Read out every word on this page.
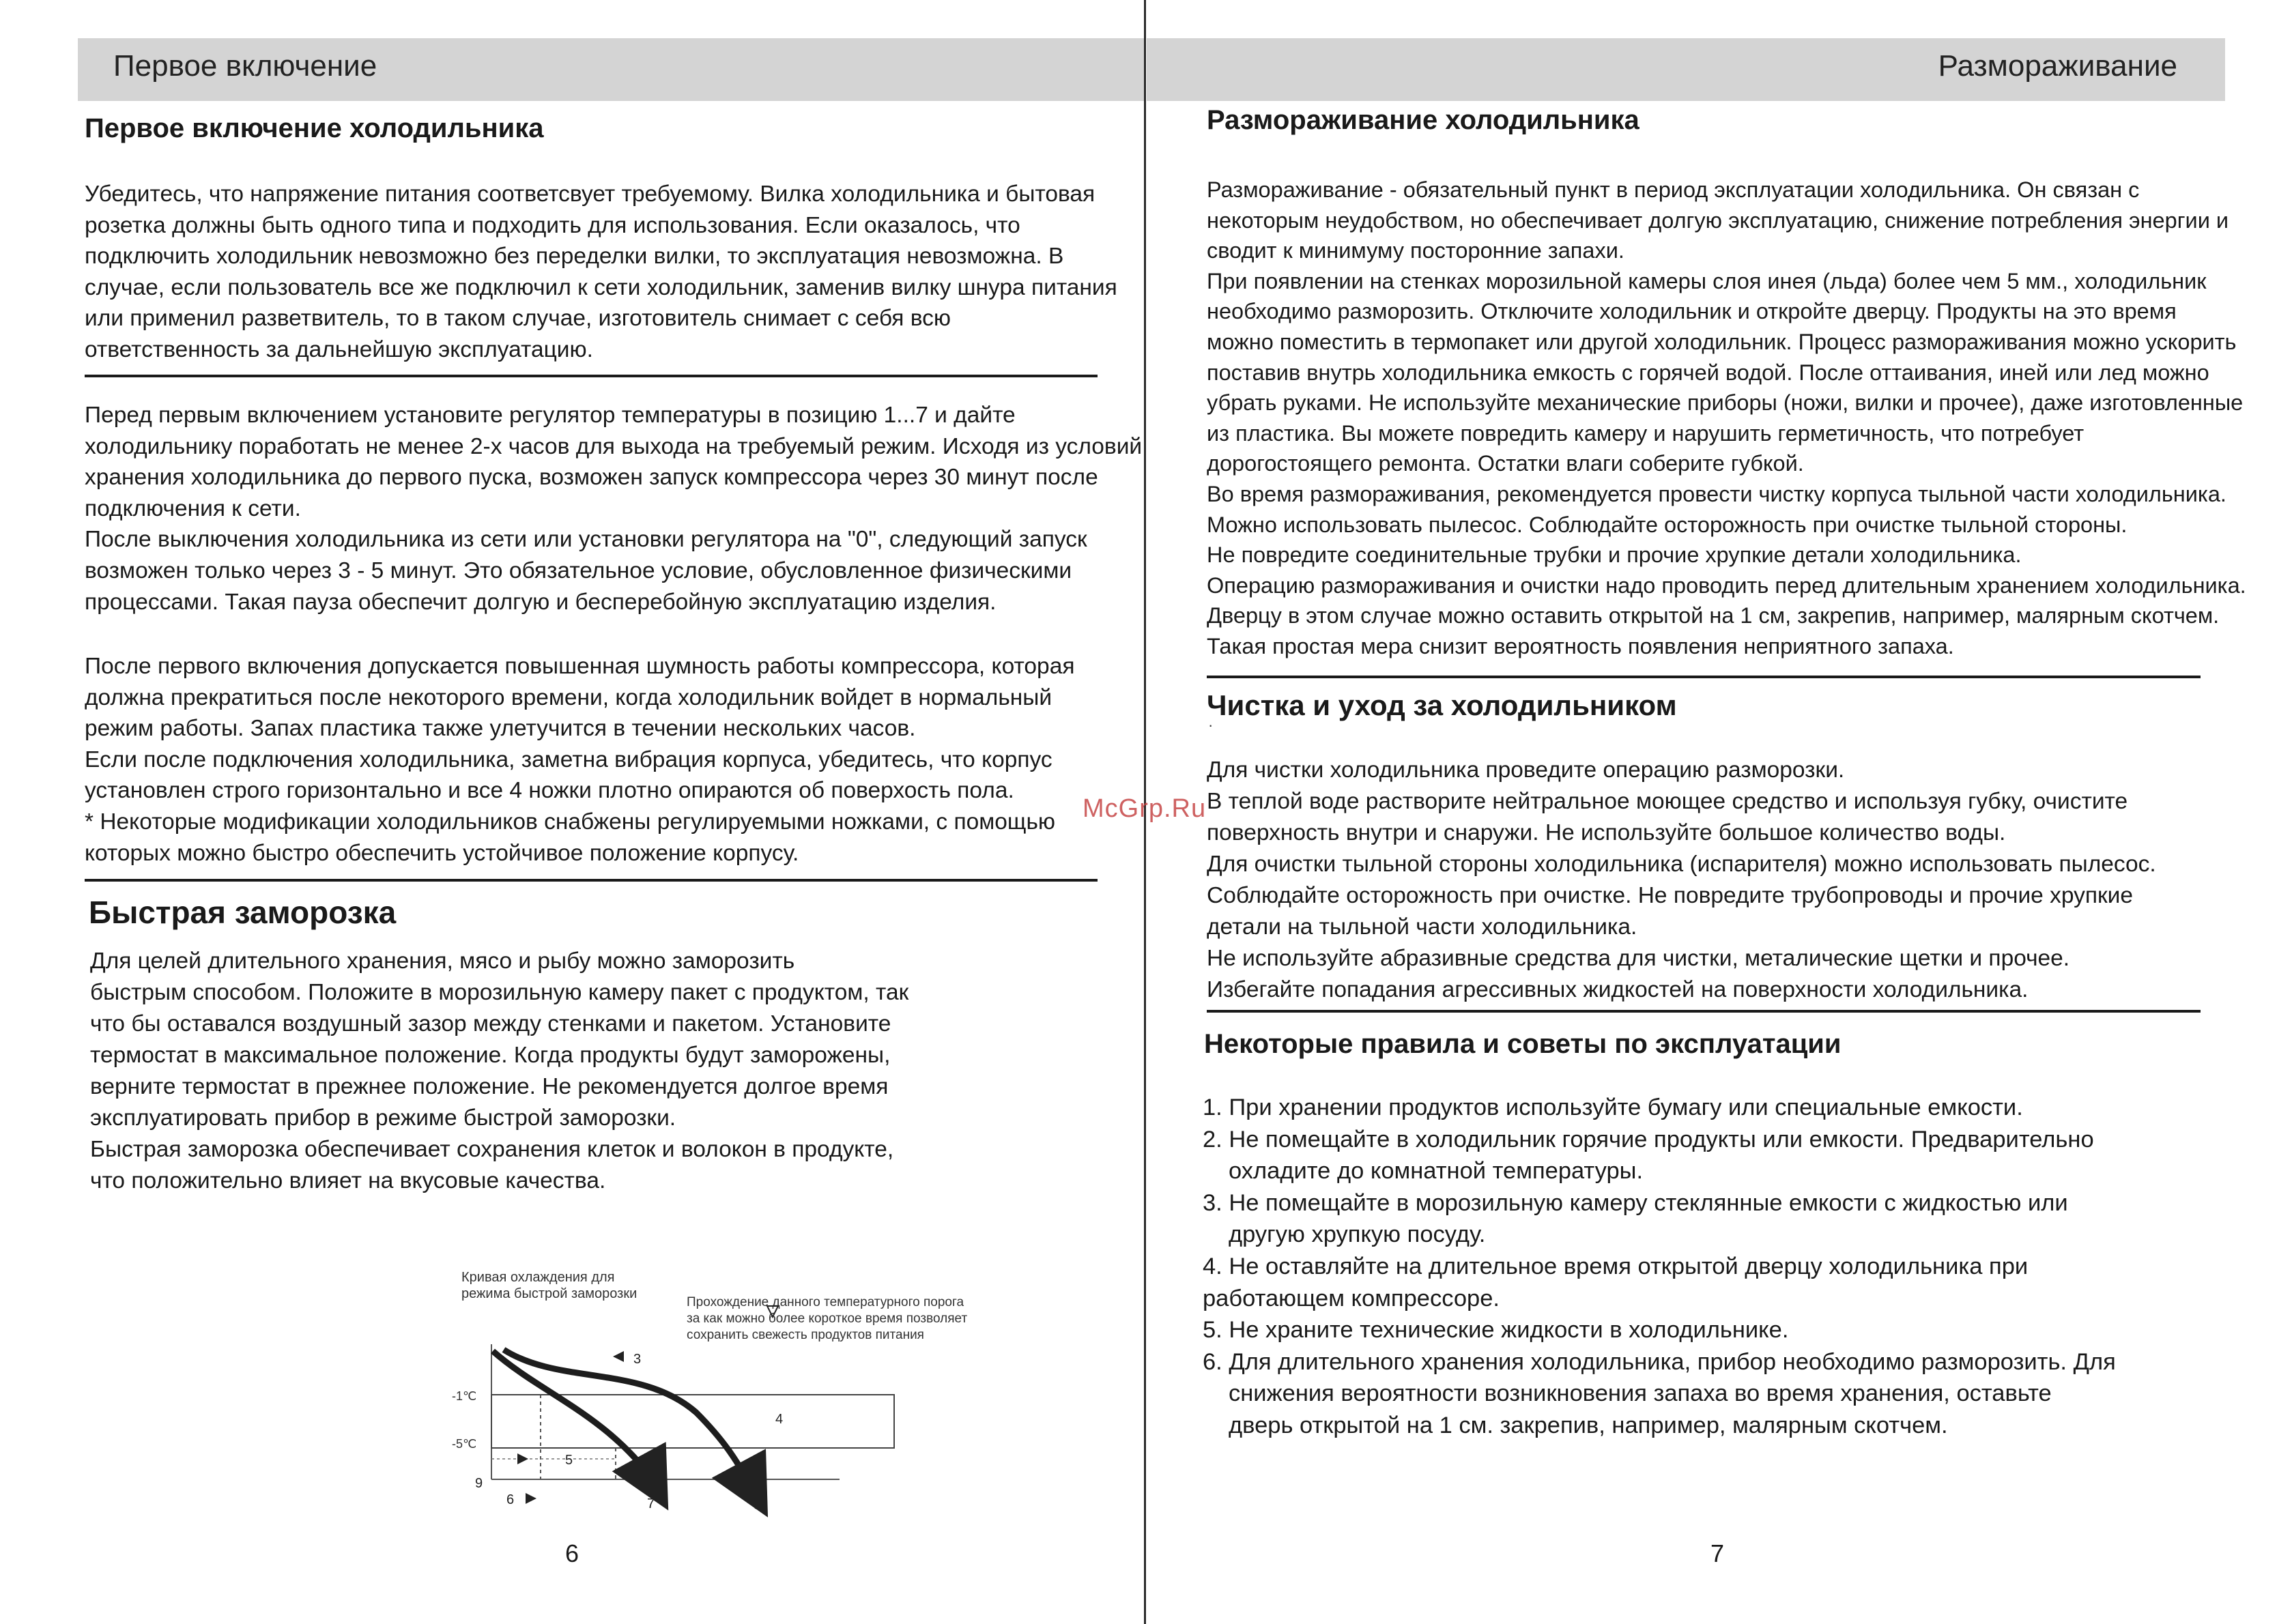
Первое включение	Размораживание
Первое включение холодильника

Убедитесь, что напряжение питания соответсвует требуемому. Вилка холодильника и бытовая

розетка должны быть одного типа и подходить для использования. Если оказалось, что

подключить холодильник невозможно без переделки вилки, то эксплуатация невозможна. В

случае, если пользователь все же подключил к сети холодильник, заменив вилку шнура питания

или применил разветвитель, то в таком случае, изготовитель снимает с себя всю

ответственность за дальнейшую эксплуатацию.

Перед первым включением установите регулятор температуры в позицию 1...7 и дайте

холодильнику поработать не менее 2-х часов для выхода на требуемый режим. Исходя из условий

хранения холодильника до первого пуска, возможен запуск компрессора через 30 минут после

подключения к сети.

После выключения холодильника из сети или установки регулятора на "0", следующий запуск

возможен только через 3 - 5 минут. Это обязательное условие, обусловленное физическими

процессами. Такая пауза обеспечит долгую и бесперебойную эксплуатацию изделия.

После первого включения допускается повышенная шумность работы компрессора, которая

должна прекратиться после некоторого времени, когда холодильник войдет в нормальный

режим работы. Запах пластика также улетучится в течении нескольких часов.

Если после подключения холодильника, заметна вибрация корпуса, убедитесь, что корпус

установлен строго горизонтально и все 4 ножки плотно опираются об поверхость пола.

* Некоторые модификации холодильников снабжены регулируемыми ножками, с помощью

которых можно быстро обеспечить устойчивое положение корпусу.

Быстрая заморозка

Для целей длительного хранения, мясо и рыбу можно заморозить

быстрым способом. Положите в морозильную камеру пакет с продуктом, так

что бы оставался воздушный зазор между стенками и пакетом. Установите

термостат в максимальное положение. Когда продукты будут заморожены,

верните термостат в прежнее положение. Не рекомендуется долгое время

эксплуатировать прибор в режиме быстрой заморозки.

Быстрая заморозка обеспечивает сохранения клеток и волокон в продукте,

что положительно влияет на вкусовые качества.

Кривая охлаждения для
режима быстрой заморозки
Прохождение данного температурного порога
за как можно более короткое время позволяет
сохранить свежесть продуктов питания
-1℃
-5℃
3
4
5
6	7	8
9
6
Размораживание холодильника

Размораживание - обязательный пункт в период эксплуатации холодильника. Он связан с

некоторым неудобством, но обеспечивает долгую эксплуатацию, снижение потребления энергии и

сводит к минимуму посторонние запахи.

При появлении на стенках морозильной камеры слоя инея (льда) более чем 5 мм., холодильник

необходимо разморозить. Отключите холодильник и откройте дверцу. Продукты на это время

можно поместить в термопакет или другой холодильник. Процесс размораживания можно ускорить

поставив внутрь холодильника емкость с горячей водой. После оттаивания, иней или лед можно

убрать руками. Не используйте механические приборы (ножи, вилки и прочее), даже изготовленные

из пластика. Вы можете повредить камеру и нарушить герметичность, что потребует

дорогостоящего ремонта. Остатки влаги соберите губкой.

Во время размораживания, рекомендуется провести чистку корпуса тыльной части холодильника.

Можно использовать пылесос. Соблюдайте осторожность при очистке тыльной стороны.

Не повредите соединительные трубки и прочие хрупкие детали холодильника.

Операцию размораживания и очистки надо проводить перед длительным хранением холодильника.

Дверцу в этом случае можно оставить открытой на 1 см, закрепив, например, малярным скотчем.

Такая простая мера снизит вероятность появления неприятного запаха.

Чистка и уход за холодильником
·

Для чистки холодильника проведите операцию разморозки.

В теплой воде растворите нейтральное моющее средство и используя губку, очистите

поверхность внутри и снаружи. Не используйте большое количество воды.

Для очистки тыльной стороны холодильника (испарителя) можно использовать пылесос.

Соблюдайте осторожность при очистке. Не повредите трубопроводы и прочие хрупкие

детали на тыльной части холодильника.

Не используйте абразивные средства для чистки, металические щетки и прочее.

Избегайте попадания агрессивных жидкостей на поверхности холодильника.

Некоторые правила и советы по эксплуатации

1. При хранении продуктов используйте бумагу или специальные емкости.

2. Не помещайте в холодильник горячие продукты или емкости. Предварительно

охладите до комнатной температуры.

3. Не помещайте в морозильную камеру стеклянные емкости с жидкостью или

другую хрупкую посуду.

4. Не оставляйте на длительное время открытой дверцу холодильника при

работающем компрессоре.

5. Не храните технические жидкости в холодильнике.

6. Для длительного хранения холодильника, прибор необходимо разморозить. Для

снижения вероятности возникновения запаха во время хранения, оставьте

дверь открытой на 1 см. закрепив, например, малярным скотчем.

7
McGrp.Ru
